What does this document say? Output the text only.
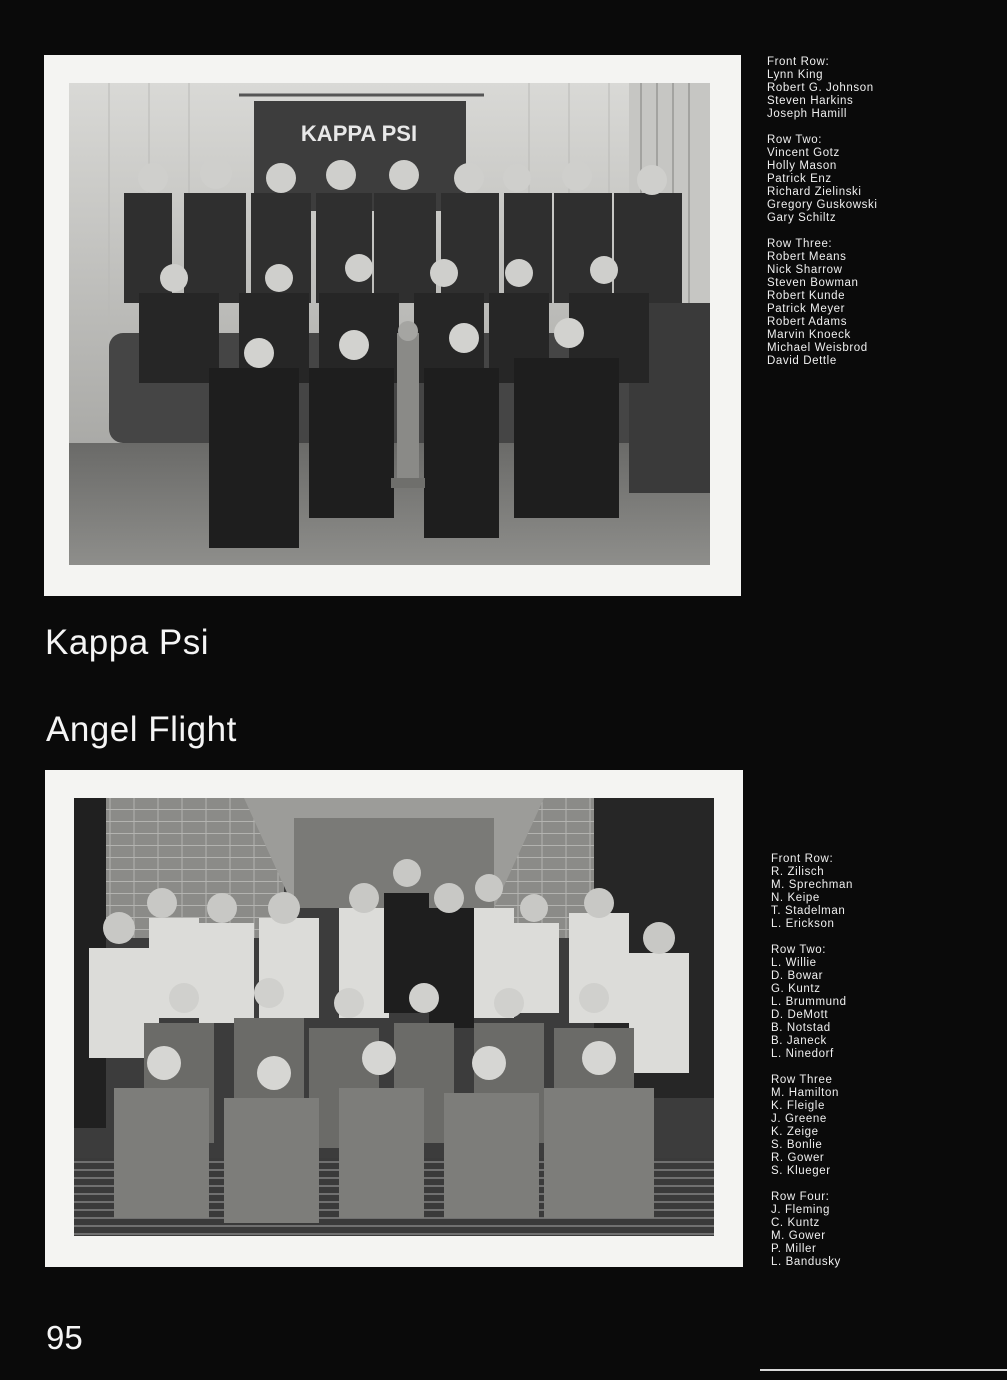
KAPPA PSI
Front Row:
Lynn King
Robert G. Johnson
Steven Harkins
Joseph Hamill
Row Two:
Vincent Gotz
Holly Mason
Patrick Enz
Richard Zielinski
Gregory Guskowski
Gary Schiltz
Row Three:
Robert Means
Nick Sharrow
Steven Bowman
Robert Kunde
Patrick Meyer
Robert Adams
Marvin Knoeck
Michael Weisbrod
David Dettle
Kappa Psi
Angel Flight
Front Row:
R. Zilisch
M. Sprechman
N. Keipe
T. Stadelman
L. Erickson
Row Two:
L. Willie
D. Bowar
G. Kuntz
L. Brummund
D. DeMott
B. Notstad
B. Janeck
L. Ninedorf
Row Three
M. Hamilton
K. Fleigle
J. Greene
K. Zeige
S. Bonlie
R. Gower
S. Klueger
Row Four:
J. Fleming
C. Kuntz
M. Gower
P. Miller
L. Bandusky
95
